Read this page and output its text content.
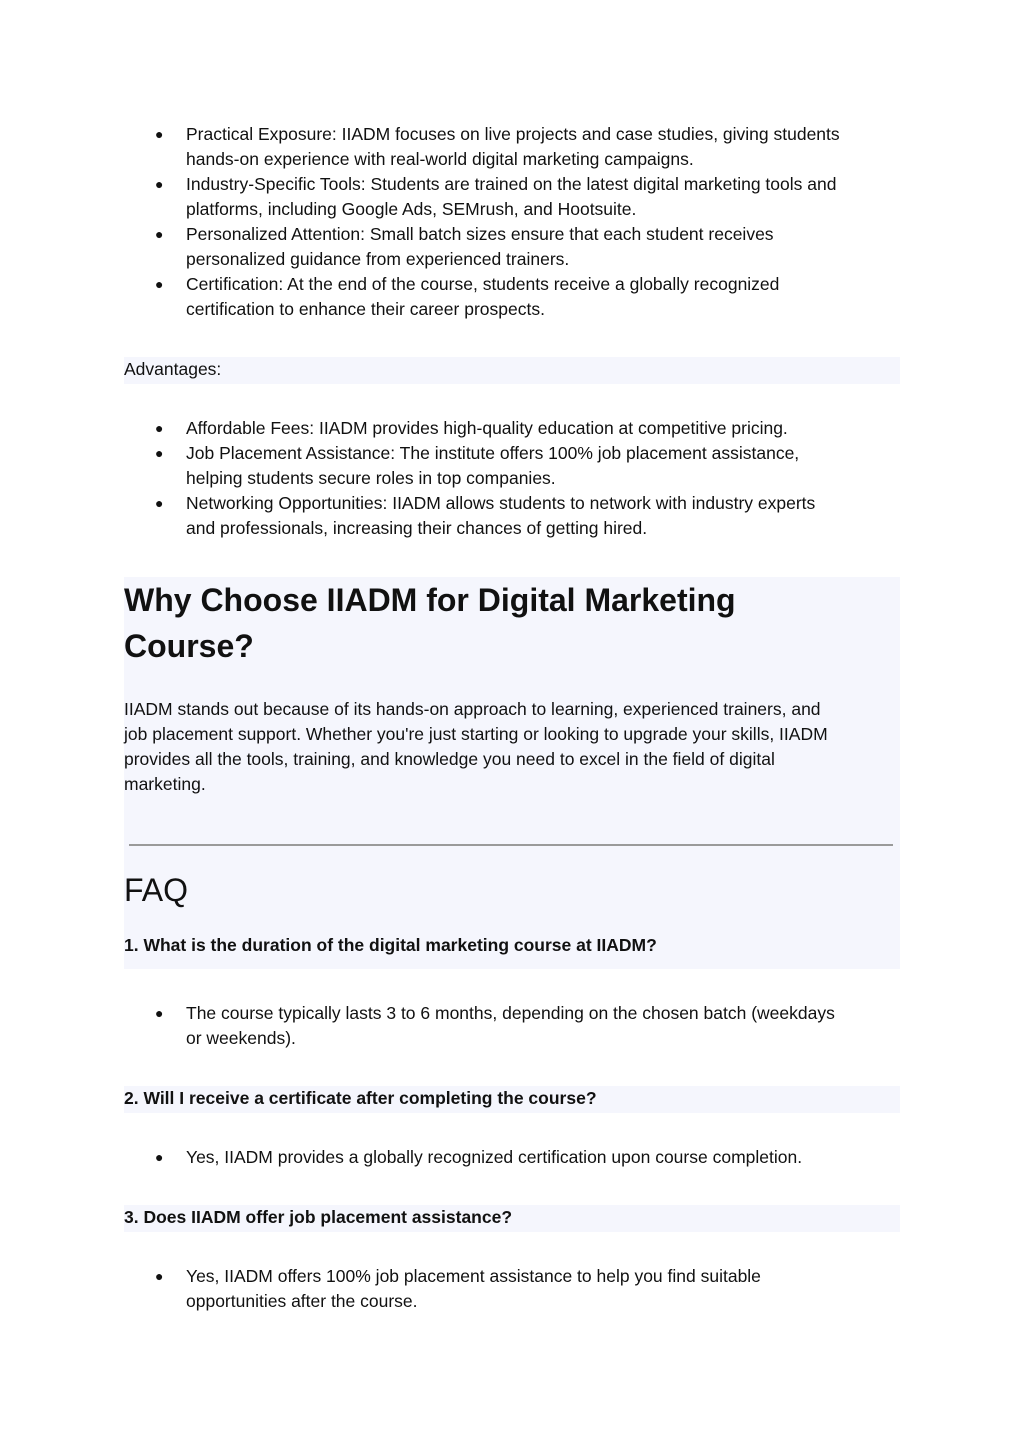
● Practical Exposure: IIADM focuses on live projects and case studies, giving students
hands-on experience with real-world digital marketing campaigns.
● Industry-Specific Tools: Students are trained on the latest digital marketing tools and
platforms, including Google Ads, SEMrush, and Hootsuite.
● Personalized Attention: Small batch sizes ensure that each student receives
personalized guidance from experienced trainers.
● Certification: At the end of the course, students receive a globally recognized
certification to enhance their career prospects.

Advantages:

● Affordable Fees: IIADM provides high-quality education at competitive pricing.
● Job Placement Assistance: The institute offers 100% job placement assistance,
helping students secure roles in top companies.
● Networking Opportunities: IIADM allows students to network with industry experts
and professionals, increasing their chances of getting hired.
Why Choose IIADM for Digital Marketing
Course?

IIADM stands out because of its hands-on approach to learning, experienced trainers, and
job placement support. Whether you're just starting or looking to upgrade your skills, IIADM
provides all the tools, training, and knowledge you need to excel in the field of digital
marketing.

FAQ

1. What is the duration of the digital marketing course at IIADM?

● The course typically lasts 3 to 6 months, depending on the chosen batch (weekdays
or weekends).

2. Will I receive a certificate after completing the course?

● Yes, IIADM provides a globally recognized certification upon course completion.

3. Does IIADM offer job placement assistance?

● Yes, IIADM offers 100% job placement assistance to help you find suitable
opportunities after the course.
